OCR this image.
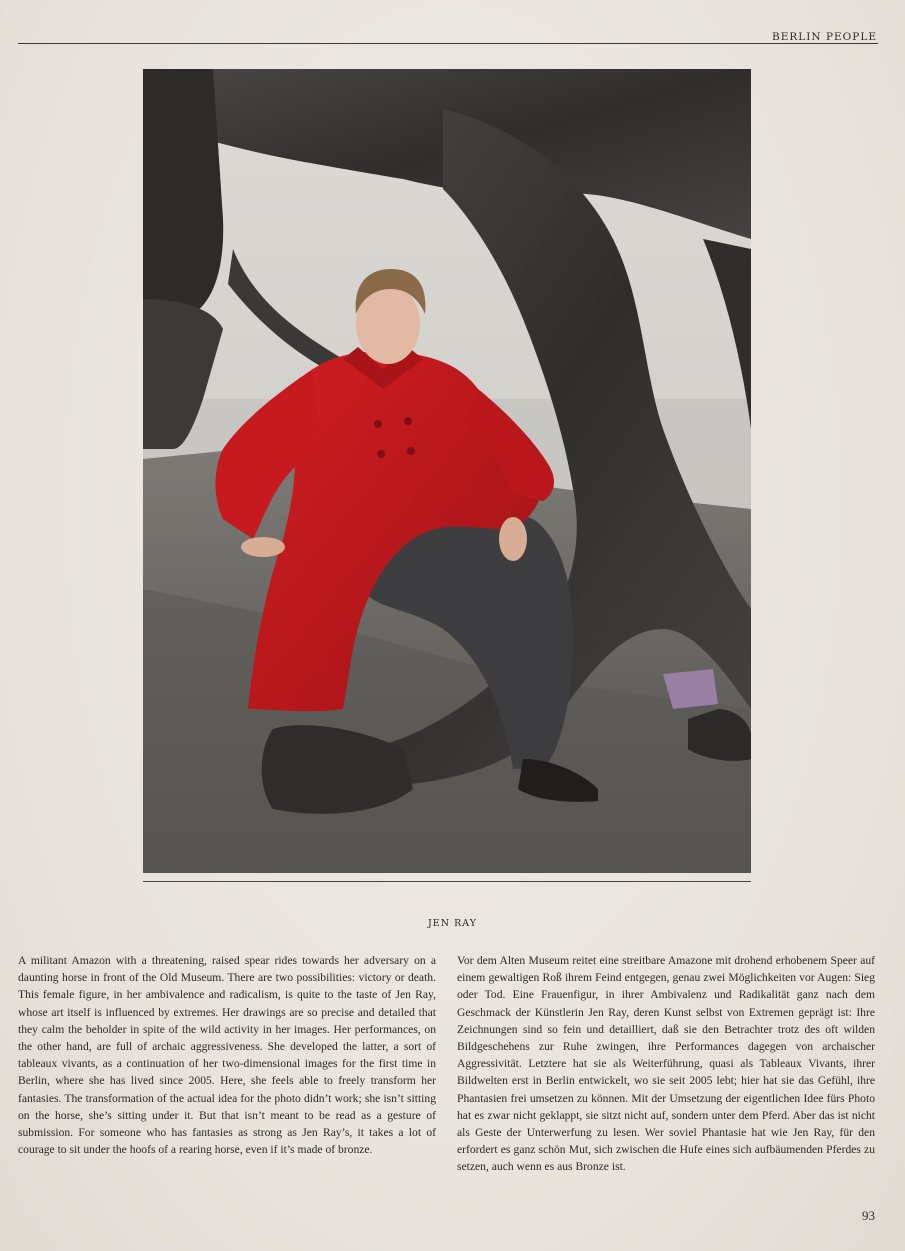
BERLIN PEOPLE
JEN RAY

A militant Amazon with a threatening, raised spear rides towards her adversary on a daunting horse in front of the Old Museum. There are two possibilities: victory or death. This female figure, in her ambivalence and radicalism, is quite to the taste of Jen Ray, whose art itself is influenced by extremes. Her drawings are so precise and detailed that they calm the beholder in spite of the wild activity in her images. Her performances, on the other hand, are full of archaic aggressiveness. She developed the latter, a sort of tableaux vivants, as a continuation of her two-dimensional images for the first time in Berlin, where she has lived since 2005. Here, she feels able to freely transform her fantasies. The transformation of the actual idea for the photo didn’t work; she isn’t sitting on the horse, she’s sitting under it. But that isn’t meant to be read as a gesture of submission. For someone who has fantasies as strong as Jen Ray’s, it takes a lot of courage to sit under the hoofs of a rearing horse, even if it’s made of bronze.

Vor dem Alten Museum reitet eine streitbare Amazone mit drohend erhobenem Speer auf einem gewaltigen Roß ihrem Feind entgegen, genau zwei Möglichkeiten vor Augen: Sieg oder Tod. Eine Frauenfigur, in ihrer Ambivalenz und Radikalität ganz nach dem Geschmack der Künstlerin Jen Ray, deren Kunst selbst von Extremen geprägt ist: Ihre Zeichnungen sind so fein und detailliert, daß sie den Betrachter trotz des oft wilden Bildgeschehens zur Ruhe zwingen, ihre Performances dagegen von archaischer Aggressivität. Letztere hat sie als Weiterführung, quasi als Tableaux Vivants, ihrer Bildwelten erst in Berlin entwickelt, wo sie seit 2005 lebt; hier hat sie das Gefühl, ihre Phantasien frei umsetzen zu können. Mit der Umsetzung der eigentlichen Idee fürs Photo hat es zwar nicht geklappt, sie sitzt nicht auf, sondern unter dem Pferd. Aber das ist nicht als Geste der Unterwerfung zu lesen. Wer soviel Phantasie hat wie Jen Ray, für den erfordert es ganz schön Mut, sich zwischen die Hufe eines sich aufbäumenden Pferdes zu setzen, auch wenn es aus Bronze ist.

93
